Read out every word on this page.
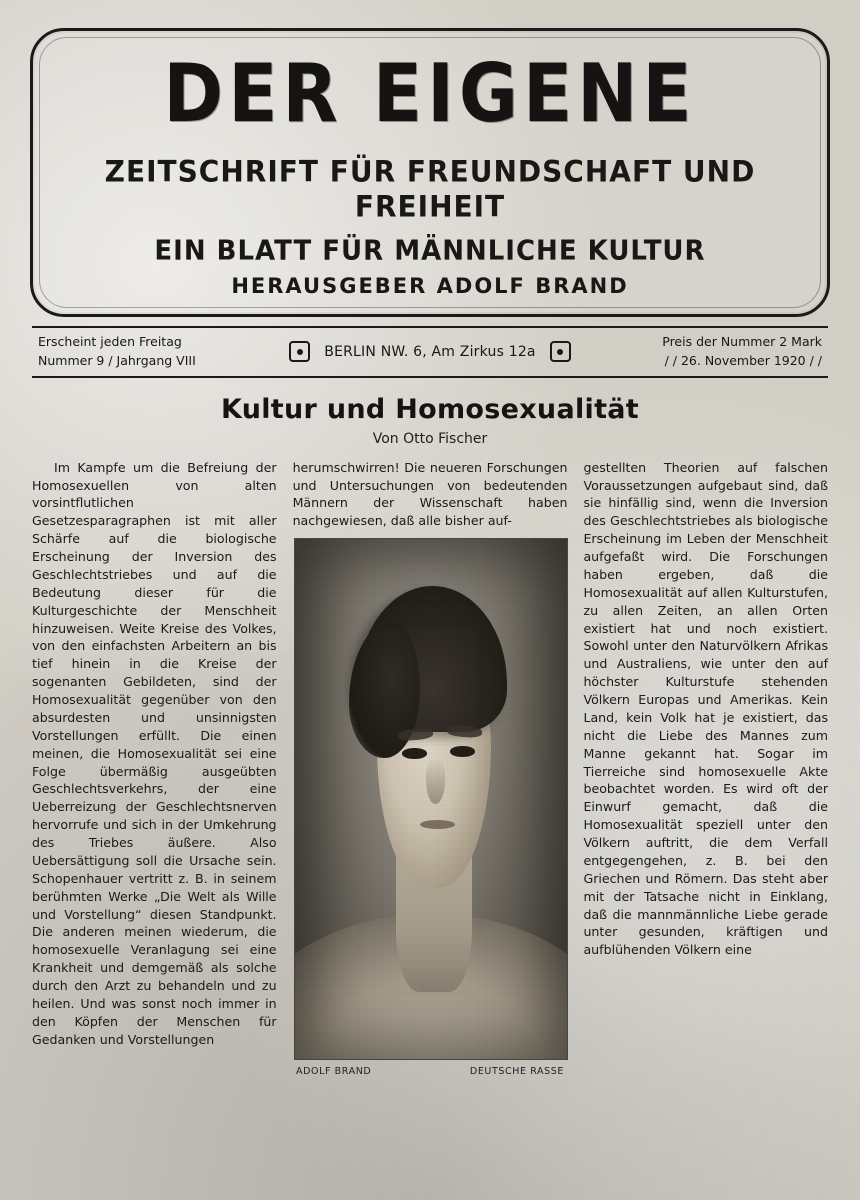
DER EIGENE
ZEITSCHRIFT FÜR FREUNDSCHAFT UND FREIHEIT
EIN BLATT FÜR MÄNNLICHE KULTUR
HERAUSGEBER ADOLF BRAND
Erscheint jeden Freitag
Nummer 9 / Jahrgang VIII
BERLIN NW. 6, Am Zirkus 12a
Preis der Nummer 2 Mark
/ / 26. November 1920 / /
Kultur und Homosexualität
Von Otto Fischer

Im Kampfe um die Befreiung der Homosexuellen von alten vorsintflutlichen Gesetzesparagraphen ist mit aller Schärfe auf die biologische Erscheinung der Inversion des Geschlechtstriebes und auf die Bedeutung dieser für die Kulturgeschichte der Menschheit hinzuweisen. Weite Kreise des Volkes, von den einfachsten Arbeitern an bis tief hinein in die Kreise der sogenanten Gebildeten, sind der Homosexualität gegenüber von den absurdesten und unsinnigsten Vorstellungen erfüllt. Die einen meinen, die Homosexualität sei eine Folge übermäßig ausgeübten Geschlechtsverkehrs, der eine Ueberreizung der Geschlechtsnerven hervorrufe und sich in der Umkehrung des Triebes äußere. Also Uebersättigung soll die Ursache sein. Schopenhauer vertritt z. B. in seinem berühmten Werke „Die Welt als Wille und Vorstellung“ diesen Standpunkt. Die anderen meinen wiederum, die homosexuelle Veranlagung sei eine Krankheit und demgemäß als solche durch den Arzt zu behandeln und zu heilen. Und was sonst noch immer in den Köpfen der Menschen für Gedanken und Vorstellungen

herumschwirren! Die neueren Forschungen und Untersuchungen von bedeutenden Männern der Wissenschaft haben nachgewiesen, daß alle bisher auf-
ADOLF BRAND	DEUTSCHE RASSE

gestellten Theorien auf falschen Voraussetzungen aufgebaut sind, daß sie hinfällig sind, wenn die Inversion des Geschlechtstriebes als biologische Erscheinung im Leben der Menschheit aufgefaßt wird. Die Forschungen haben ergeben, daß die Homosexualität auf allen Kulturstufen, zu allen Zeiten, an allen Orten existiert hat und noch existiert. Sowohl unter den Naturvölkern Afrikas und Australiens, wie unter den auf höchster Kulturstufe stehenden Völkern Europas und Amerikas. Kein Land, kein Volk hat je existiert, das nicht die Liebe des Mannes zum Manne gekannt hat. Sogar im Tierreiche sind homosexuelle Akte beobachtet worden. Es wird oft der Einwurf gemacht, daß die Homosexualität speziell unter den Völkern auftritt, die dem Verfall entgegengehen, z. B. bei den Griechen und Römern. Das steht aber mit der Tatsache nicht in Einklang, daß die mannmännliche Liebe gerade unter gesunden, kräftigen und aufblühenden Völkern eine
